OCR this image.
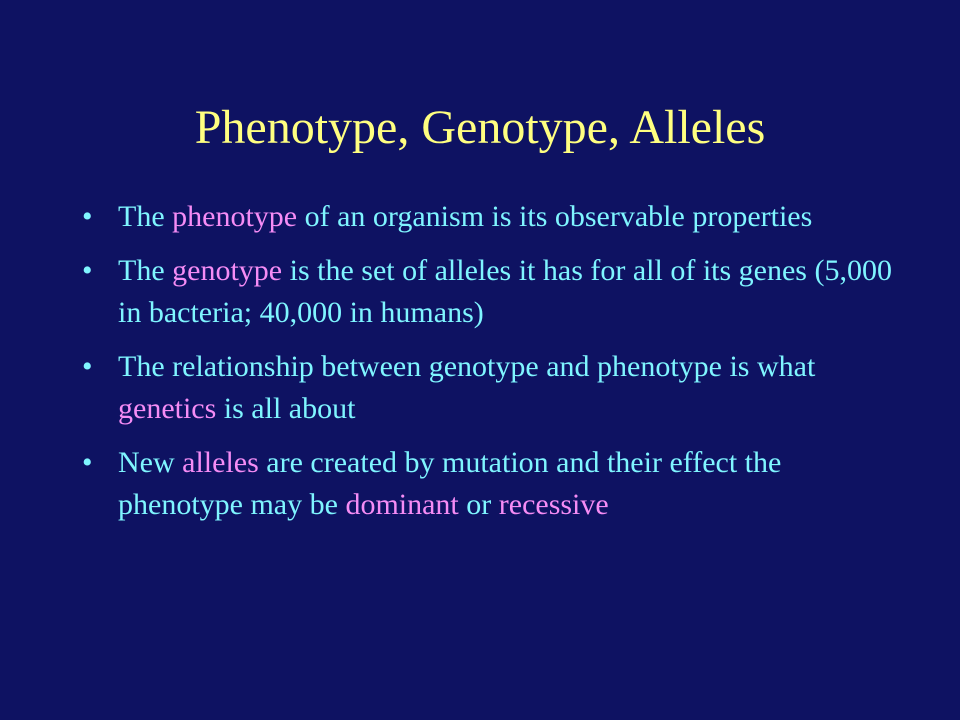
Phenotype, Genotype, Alleles
• The phenotype of an organism is its observable properties
• The genotype is the set of alleles it has for all of its genes (5,000 in bacteria; 40,000 in humans)
• The relationship between genotype and phenotype is what genetics is all about
• New alleles are created by mutation and their effect the phenotype may be dominant or recessive
